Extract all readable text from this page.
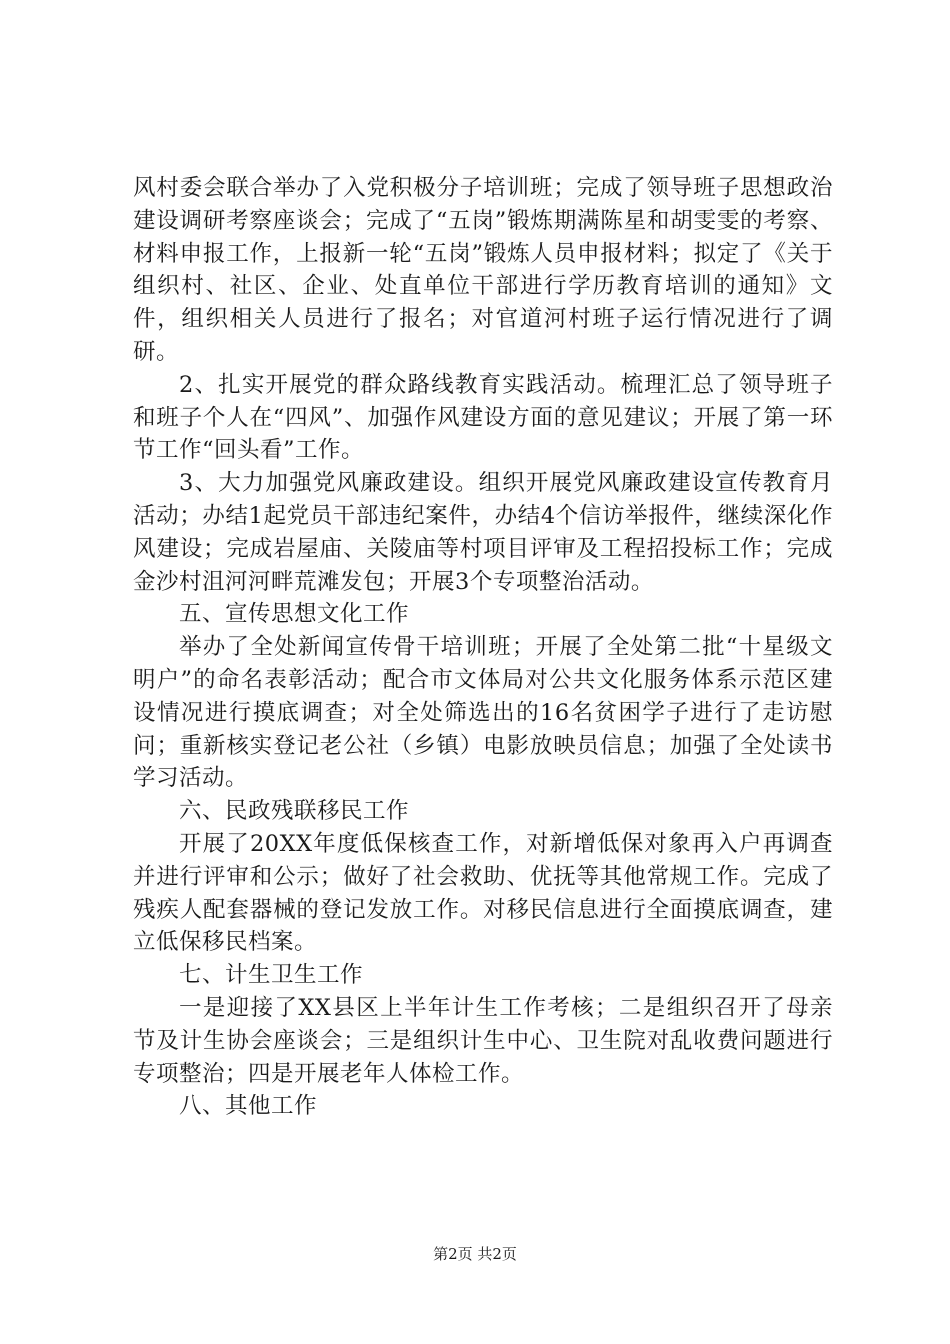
风村委会联合举办了入党积极分子培训班；完成了领导班子思想政治建设调研考察座谈会；完成了“五岗”锻炼期满陈星和胡雯雯的考察、材料申报工作，上报新一轮“五岗”锻炼人员申报材料；拟定了《关于组织村、社区、企业、处直单位干部进行学历教育培训的通知》文件，组织相关人员进行了报名；对官道河村班子运行情况进行了调研。

2、扎实开展党的群众路线教育实践活动。梳理汇总了领导班子和班子个人在“四风”、加强作风建设方面的意见建议；开展了第一环节工作“回头看”工作。

3、大力加强党风廉政建设。组织开展党风廉政建设宣传教育月活动；办结1起党员干部违纪案件，办结4个信访举报件，继续深化作风建设；完成岩屋庙、关陵庙等村项目评审及工程招投标工作；完成金沙村沮河河畔荒滩发包；开展3个专项整治活动。

五、宣传思想文化工作

举办了全处新闻宣传骨干培训班；开展了全处第二批“十星级文明户”的命名表彰活动；配合市文体局对公共文化服务体系示范区建设情况进行摸底调查；对全处筛选出的16名贫困学子进行了走访慰问；重新核实登记老公社（乡镇）电影放映员信息；加强了全处读书学习活动。

六、民政残联移民工作

开展了20XX年度低保核查工作，对新增低保对象再入户再调查并进行评审和公示；做好了社会救助、优抚等其他常规工作。完成了残疾人配套器械的登记发放工作。对移民信息进行全面摸底调查，建立低保移民档案。

七、计生卫生工作

一是迎接了XX县区上半年计生工作考核；二是组织召开了母亲节及计生协会座谈会；三是组织计生中心、卫生院对乱收费问题进行专项整治；四是开展老年人体检工作。

八、其他工作

第2页 共2页
